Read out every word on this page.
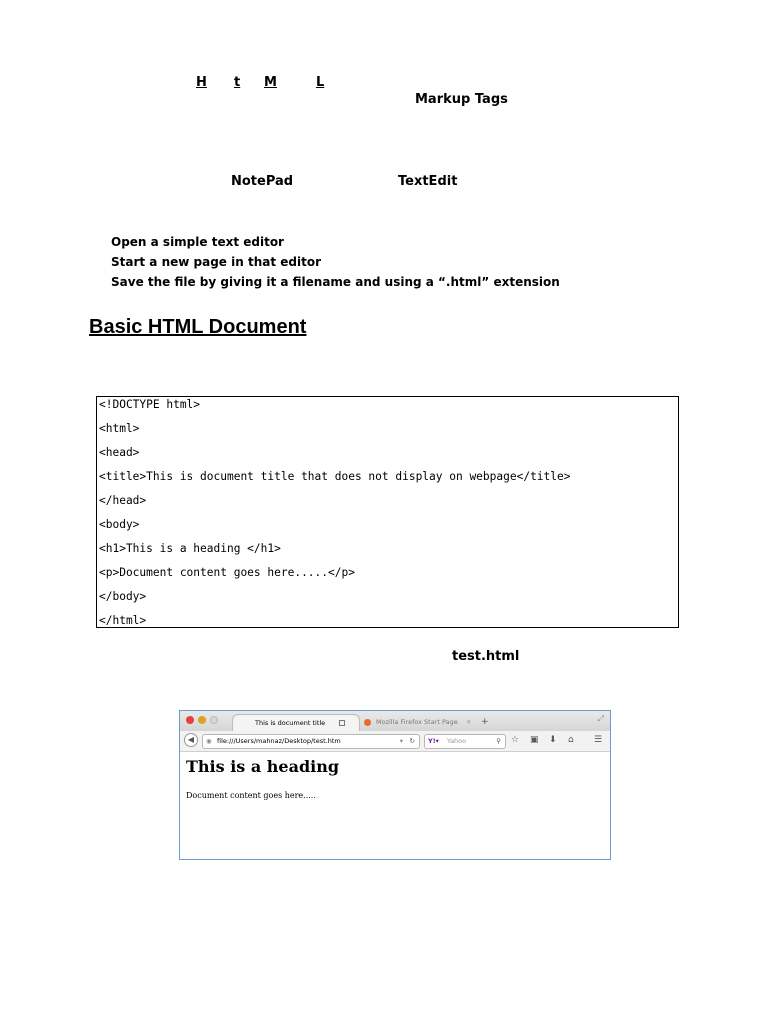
H t M	L
Markup Tags
NotePad	TextEdit
Open a simple text editor
Start a new page in that editor
Save the file by giving it a filename and using a “.html” extension
Basic HTML Document
<!DOCTYPE html>
<html>
<head>
<title>This is document title that does not display on webpage</title>
</head>
<body>
<h1>This is a heading </h1>
<p>Document content goes here.....</p>
</body>
</html>
test.html
This is document title	Mozilla Firefox Start Page ✕ +	⤢
◀	◉ file:///Users/mahnaz/Desktop/test.htm	▾ ↻ Y!▾ Yahoo	⚲ ☆ ▣ ⬇ ⌂ ☰
This is a heading
Document content goes here.....
